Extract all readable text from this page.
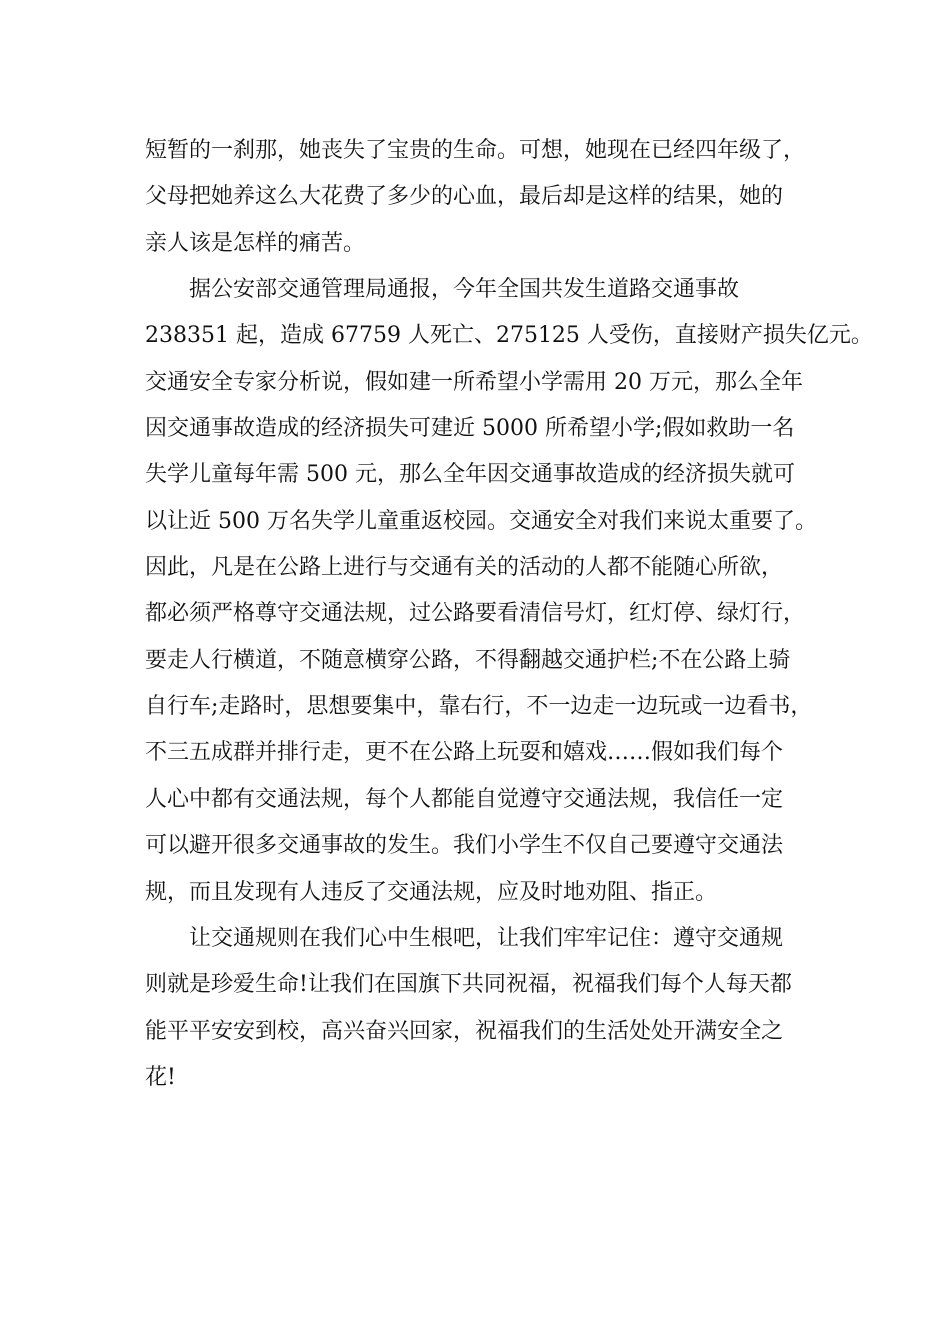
短暂的一刹那，她丧失了宝贵的生命。可想，她现在已经四年级了，
父母把她养这么大花费了多少的心血，最后却是这样的结果，她的
亲人该是怎样的痛苦。
据公安部交通管理局通报，今年全国共发生道路交通事故
238351 起，造成 67759 人死亡、275125 人受伤，直接财产损失亿元。
交通安全专家分析说，假如建一所希望小学需用 20 万元，那么全年
因交通事故造成的经济损失可建近 5000 所希望小学;假如救助一名
失学儿童每年需 500 元，那么全年因交通事故造成的经济损失就可
以让近 500 万名失学儿童重返校园。交通安全对我们来说太重要了。
因此，凡是在公路上进行与交通有关的活动的人都不能随心所欲，
都必须严格尊守交通法规，过公路要看清信号灯，红灯停、绿灯行，
要走人行横道，不随意横穿公路，不得翻越交通护栏;不在公路上骑
自行车;走路时，思想要集中，靠右行，不一边走一边玩或一边看书，
不三五成群并排行走，更不在公路上玩耍和嬉戏……假如我们每个
人心中都有交通法规，每个人都能自觉遵守交通法规，我信任一定
可以避开很多交通事故的发生。我们小学生不仅自己要遵守交通法
规，而且发现有人违反了交通法规，应及时地劝阻、指正。
让交通规则在我们心中生根吧，让我们牢牢记住：遵守交通规
则就是珍爱生命!让我们在国旗下共同祝福，祝福我们每个人每天都
能平平安安到校，高兴奋兴回家，祝福我们的生活处处开满安全之
花!
